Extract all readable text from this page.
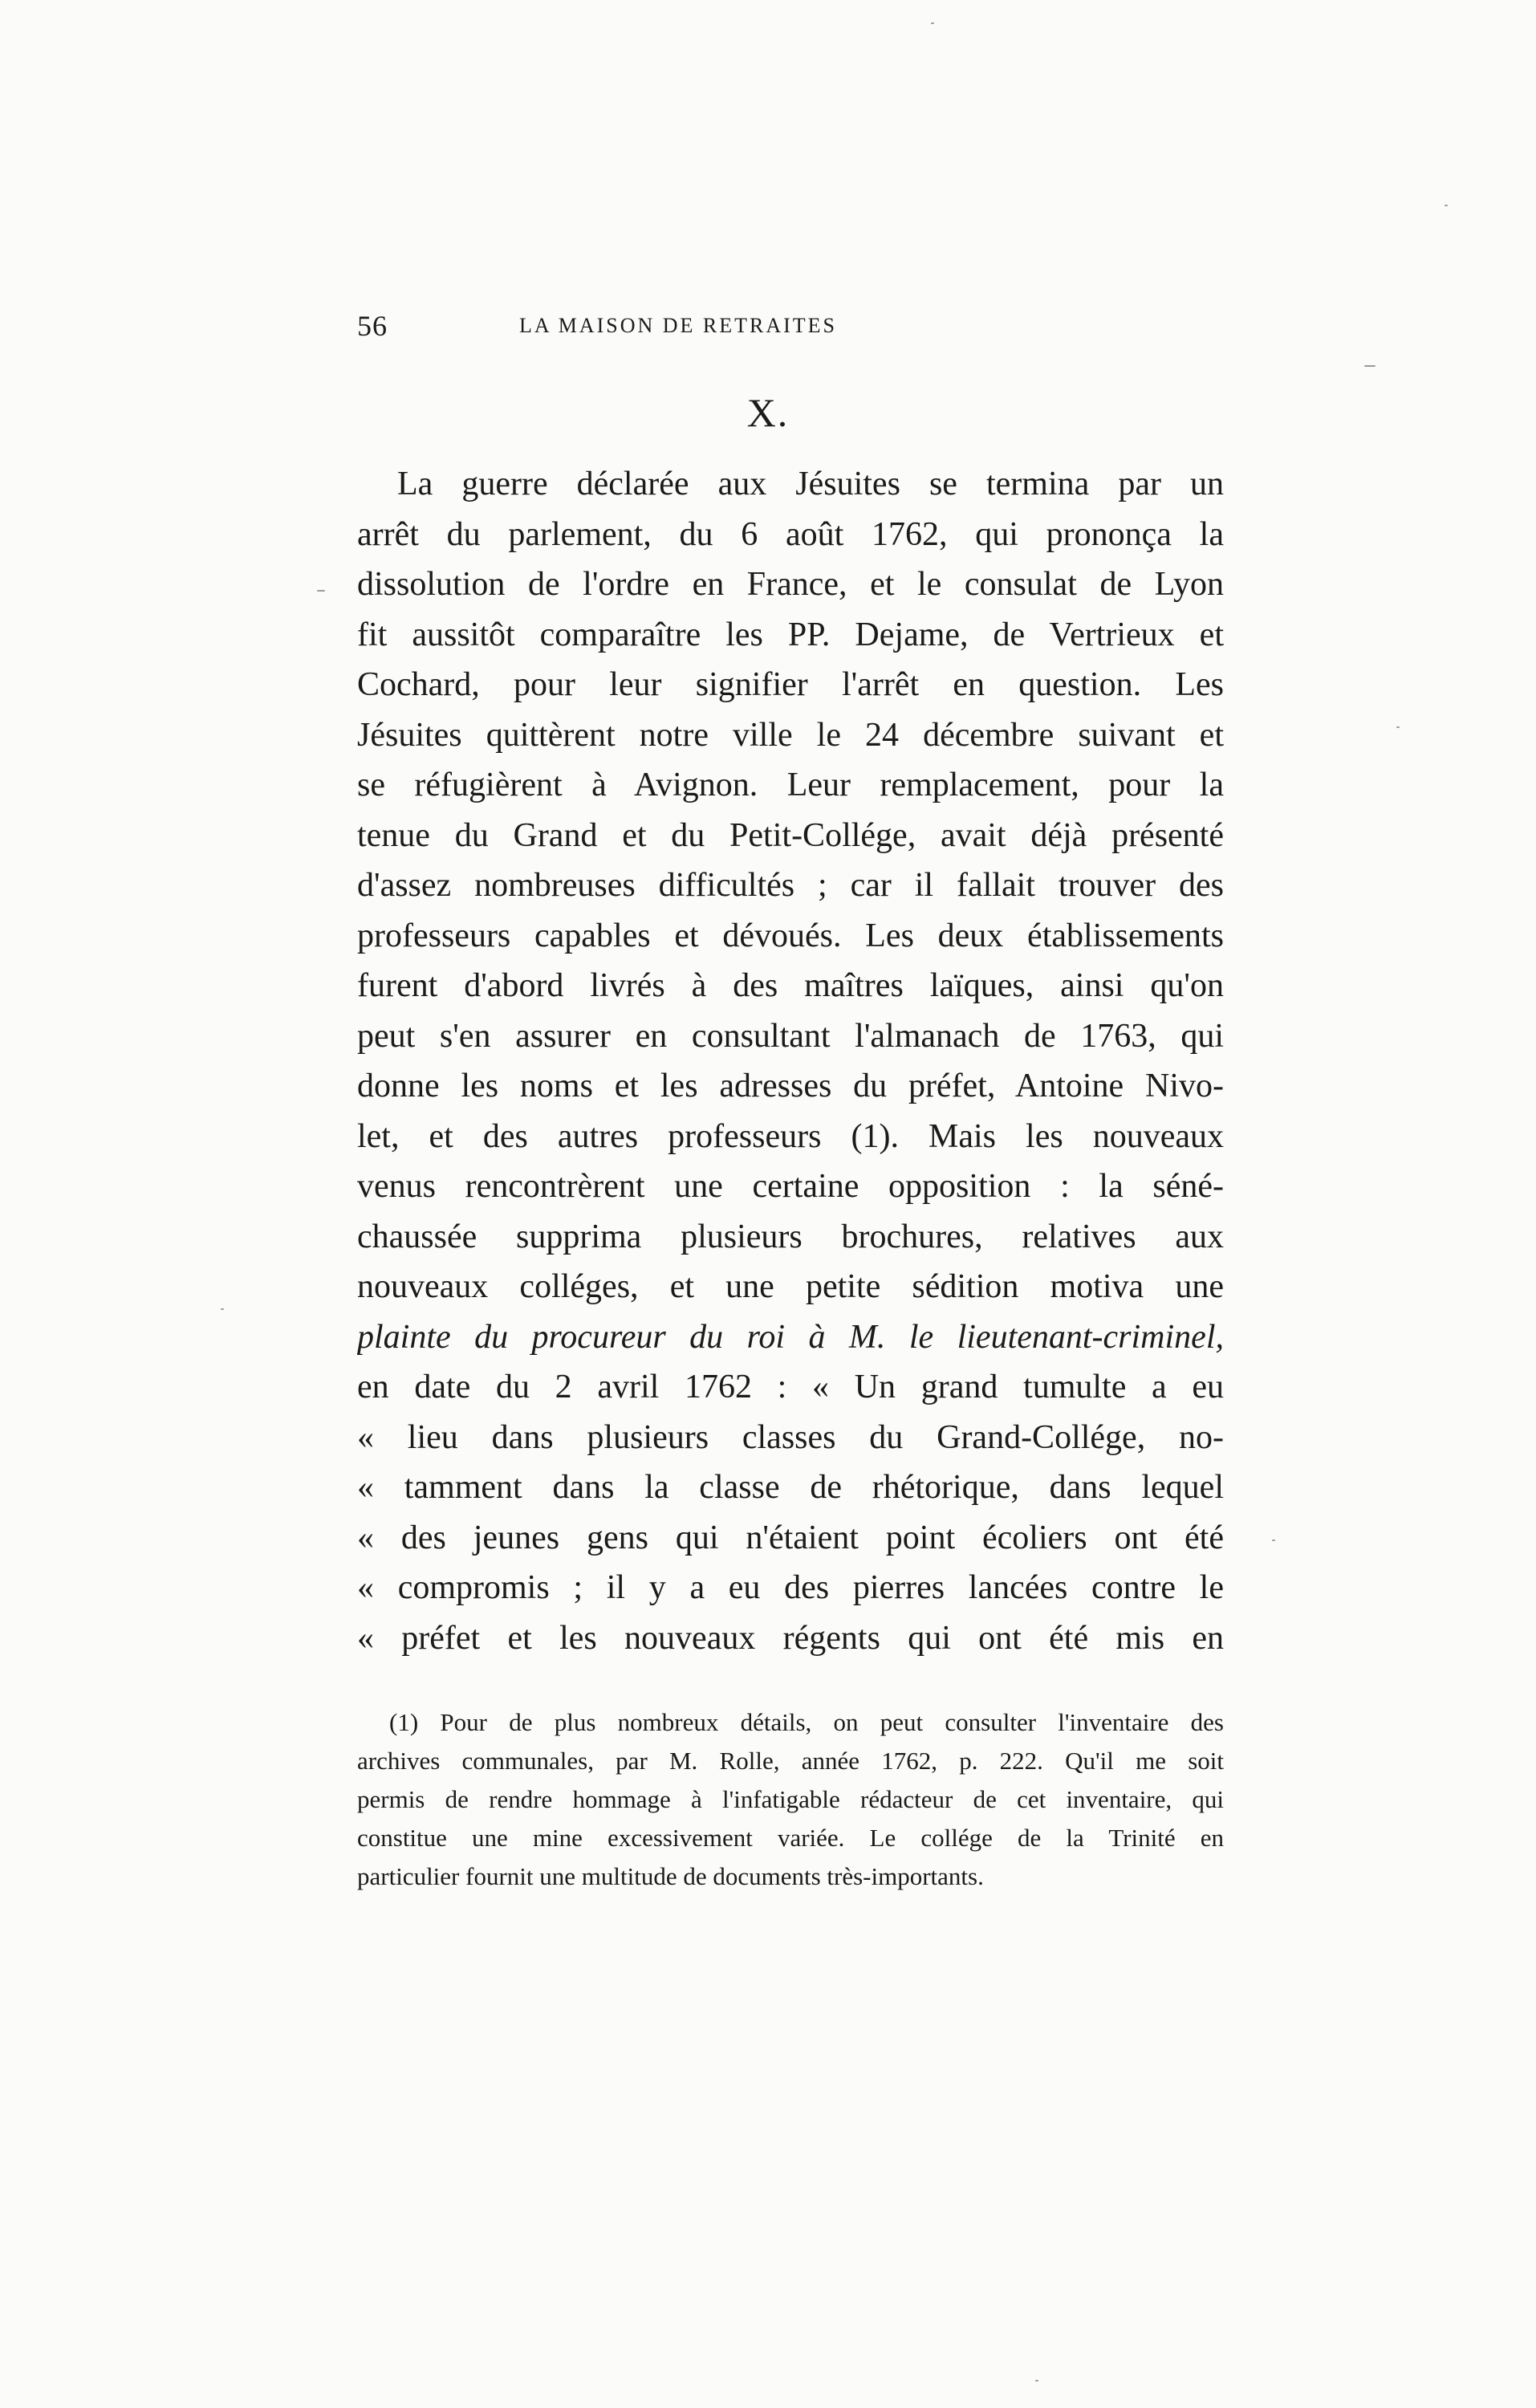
56	LA MAISON DE RETRAITES
X.
La guerre déclarée aux Jésuites se termina par un
arrêt du parlement, du 6 août 1762, qui prononça la
dissolution de l'ordre en France, et le consulat de Lyon
fit aussitôt comparaître les PP. Dejame, de Vertrieux et
Cochard, pour leur signifier l'arrêt en question. Les
Jésuites quittèrent notre ville le 24 décembre suivant et
se réfugièrent à Avignon. Leur remplacement, pour la
tenue du Grand et du Petit-Collége, avait déjà présenté
d'assez nombreuses difficultés ; car il fallait trouver des
professeurs capables et dévoués. Les deux établissements
furent d'abord livrés à des maîtres laïques, ainsi qu'on
peut s'en assurer en consultant l'almanach de 1763, qui
donne les noms et les adresses du préfet, Antoine Nivo-
let, et des autres professeurs (1). Mais les nouveaux
venus rencontrèrent une certaine opposition : la séné-
chaussée supprima plusieurs brochures, relatives aux
nouveaux colléges, et une petite sédition motiva une
plainte du procureur du roi à M. le lieutenant-criminel,
en date du 2 avril 1762 : « Un grand tumulte a eu
« lieu dans plusieurs classes du Grand-Collége, no-
« tamment dans la classe de rhétorique, dans lequel
« des jeunes gens qui n'étaient point écoliers ont été
« compromis ; il y a eu des pierres lancées contre le
« préfet et les nouveaux régents qui ont été mis en
(1) Pour de plus nombreux détails, on peut consulter l'inventaire des
archives communales, par M. Rolle, année 1762, p. 222. Qu'il me soit
permis de rendre hommage à l'infatigable rédacteur de cet inventaire, qui
constitue une mine excessivement variée. Le collége de la Trinité en
particulier fournit une multitude de documents très-importants.
